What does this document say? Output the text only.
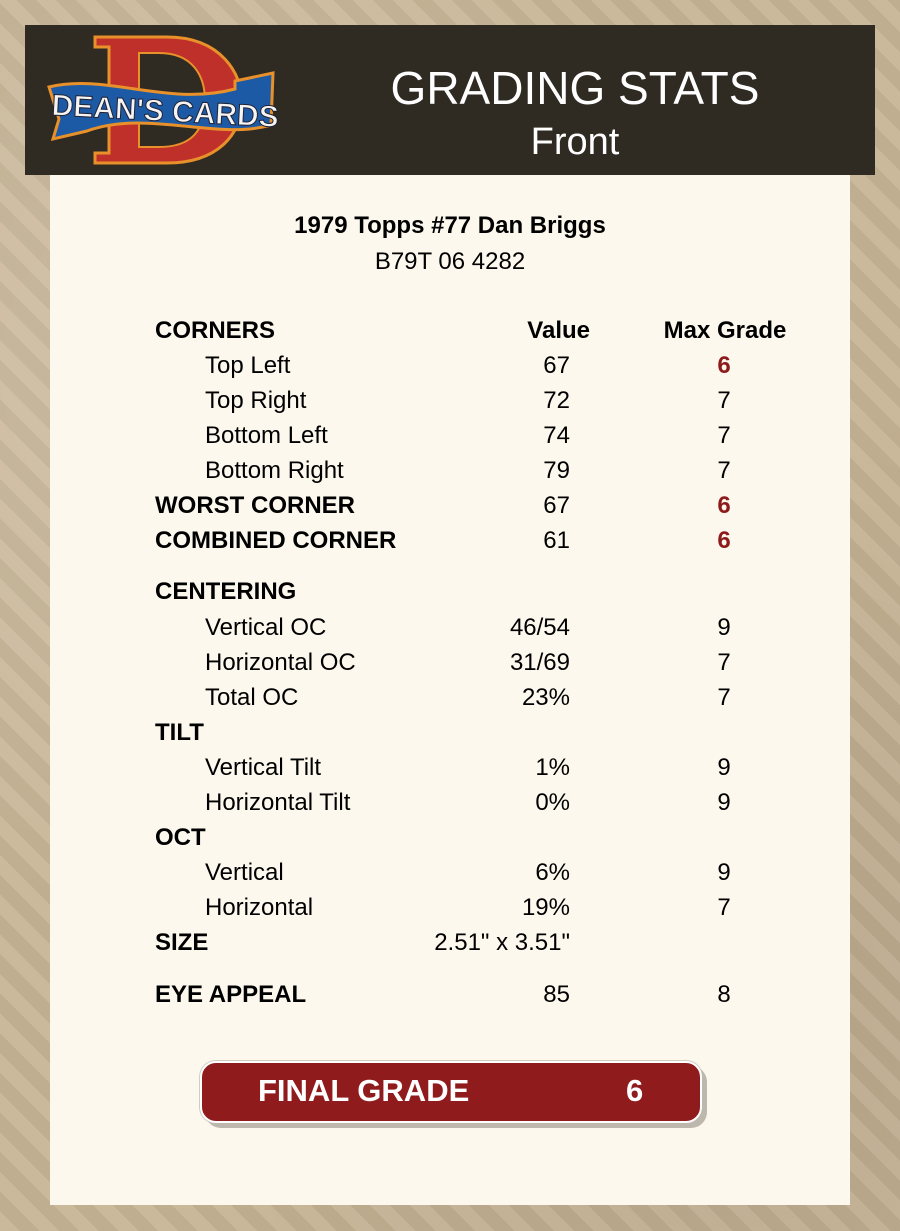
DEAN'S CARDS GRADING STATS
Front
1979 Topps #77 Dan Briggs
B79T 06 4282
CORNERS	Value	Max Grade
Top Left	67	6
Top Right	72	7
Bottom Left	74	7
Bottom Right	79	7
WORST CORNER	67	6
COMBINED CORNER	61	6
CENTERING
Vertical OC	46/54	9
Horizontal OC	31/69	7
Total OC	23%	7
TILT
Vertical Tilt	1%	9
Horizontal Tilt	0%	9
OCT
Vertical	6%	9
Horizontal	19%	7
SIZE	2.51" x 3.51"
EYE APPEAL	85	8
FINAL GRADE	6
